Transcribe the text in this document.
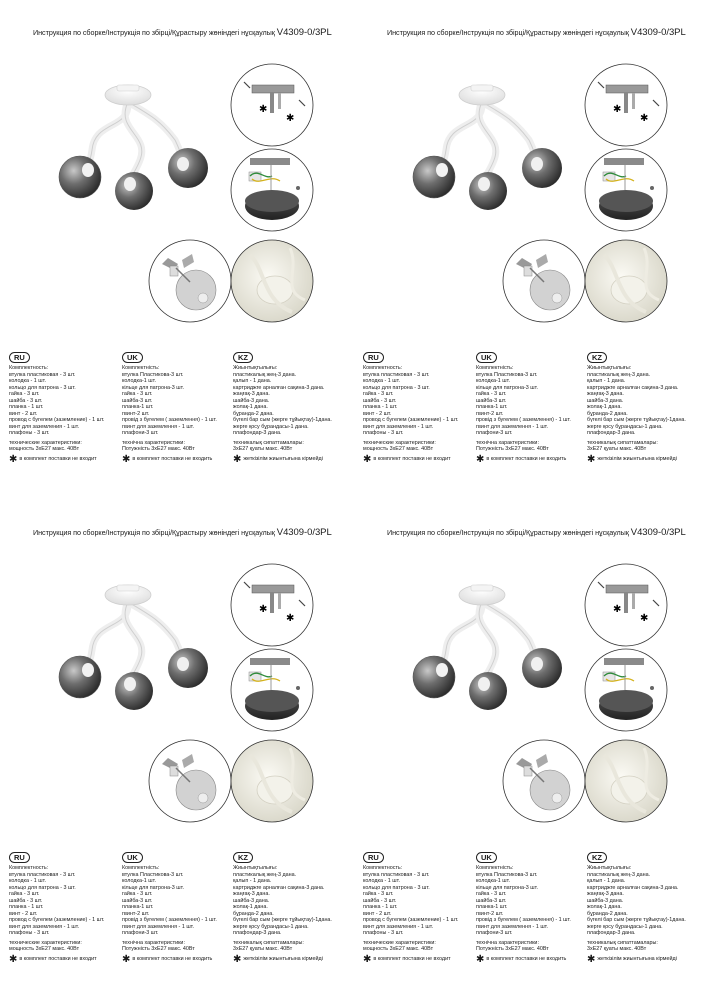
Инструкция по сборке/Інструкція по збірці/Құрастыру жөніндегі нұсқаулық V4309-0/3PL
✱
✱
RU
Комплектность:
втулка пластиковая - 3 шт.
колодка - 1 шт.
кольцо для патрона - 3 шт.
гайка - 3 шт.
шайба - 3 шт.
планка - 1 шт.
винт - 2 шт.
провод с бугелем (заземление) - 1 шт.
винт для заземления - 1 шт.
плафоны - 3 шт.
технические характеристики:
мощность 3хЕ27 макс. 40Вт
✱ в комплект поставки не входит
UK
Комплектність:
втулка Пластикова-3 шт.
колодка-1 шт.
кільце для патрона-3 шт.
гайка - 3 шт.
шайба-3 шт.
планка-1 шт.
гвинт-2 шт.
провід з бугелем ( заземлення) - 1 шт.
гвинт для заземлення - 1 шт.
плафони-3 шт.
технічна характеристики:
Потужність 3хЕ27 макс. 40Вт
✱ в комплект поставки не входить
KZ
Жиынтықтылығы:
пластикалық жең-3 дана.
қалып - 1 дана.
картриджге арналған сақина-3 дана.
жаңғақ-3 дана.
шайба-3 дана.
жолақ-1 дана.
бұранда-2 дана.
бүгелі бар сым (жерге тұйықтау)-1дана.
жерге қосу бұрандасы-1 дана.
плафондар-3 дана.
техникалық сипаттамалары:
3хЕ27 қуаты макс. 40Вт
✱ жеткізілім жиынтығына кірмейді
Инструкция по сборке/Інструкція по збірці/Құрастыру жөніндегі нұсқаулық V4309-0/3PL
✱
✱
RU
Комплектность:
втулка пластиковая - 3 шт.
колодка - 1 шт.
кольцо для патрона - 3 шт.
гайка - 3 шт.
шайба - 3 шт.
планка - 1 шт.
винт - 2 шт.
провод с бугелем (заземление) - 1 шт.
винт для заземления - 1 шт.
плафоны - 3 шт.
технические характеристики:
мощность 3хЕ27 макс. 40Вт
✱ в комплект поставки не входит
UK
Комплектність:
втулка Пластикова-3 шт.
колодка-1 шт.
кільце для патрона-3 шт.
гайка - 3 шт.
шайба-3 шт.
планка-1 шт.
гвинт-2 шт.
провід з бугелем ( заземлення) - 1 шт.
гвинт для заземлення - 1 шт.
плафони-3 шт.
технічна характеристики:
Потужність 3хЕ27 макс. 40Вт
✱ в комплект поставки не входить
KZ
Жиынтықтылығы:
пластикалық жең-3 дана.
қалып - 1 дана.
картриджге арналған сақина-3 дана.
жаңғақ-3 дана.
шайба-3 дана.
жолақ-1 дана.
бұранда-2 дана.
бүгелі бар сым (жерге тұйықтау)-1дана.
жерге қосу бұрандасы-1 дана.
плафондар-3 дана.
техникалық сипаттамалары:
3хЕ27 қуаты макс. 40Вт
✱ жеткізілім жиынтығына кірмейді
Инструкция по сборке/Інструкція по збірці/Құрастыру жөніндегі нұсқаулық V4309-0/3PL
✱
✱
RU
Комплектность:
втулка пластиковая - 3 шт.
колодка - 1 шт.
кольцо для патрона - 3 шт.
гайка - 3 шт.
шайба - 3 шт.
планка - 1 шт.
винт - 2 шт.
провод с бугелем (заземление) - 1 шт.
винт для заземления - 1 шт.
плафоны - 3 шт.
технические характеристики:
мощность 3хЕ27 макс. 40Вт
✱ в комплект поставки не входит
UK
Комплектність:
втулка Пластикова-3 шт.
колодка-1 шт.
кільце для патрона-3 шт.
гайка - 3 шт.
шайба-3 шт.
планка-1 шт.
гвинт-2 шт.
провід з бугелем ( заземлення) - 1 шт.
гвинт для заземлення - 1 шт.
плафони-3 шт.
технічна характеристики:
Потужність 3хЕ27 макс. 40Вт
✱ в комплект поставки не входить
KZ
Жиынтықтылығы:
пластикалық жең-3 дана.
қалып - 1 дана.
картриджге арналған сақина-3 дана.
жаңғақ-3 дана.
шайба-3 дана.
жолақ-1 дана.
бұранда-2 дана.
бүгелі бар сым (жерге тұйықтау)-1дана.
жерге қосу бұрандасы-1 дана.
плафондар-3 дана.
техникалық сипаттамалары:
3хЕ27 қуаты макс. 40Вт
✱ жеткізілім жиынтығына кірмейді
Инструкция по сборке/Інструкція по збірці/Құрастыру жөніндегі нұсқаулық V4309-0/3PL
✱
✱
RU
Комплектность:
втулка пластиковая - 3 шт.
колодка - 1 шт.
кольцо для патрона - 3 шт.
гайка - 3 шт.
шайба - 3 шт.
планка - 1 шт.
винт - 2 шт.
провод с бугелем (заземление) - 1 шт.
винт для заземления - 1 шт.
плафоны - 3 шт.
технические характеристики:
мощность 3хЕ27 макс. 40Вт
✱ в комплект поставки не входит
UK
Комплектність:
втулка Пластикова-3 шт.
колодка-1 шт.
кільце для патрона-3 шт.
гайка - 3 шт.
шайба-3 шт.
планка-1 шт.
гвинт-2 шт.
провід з бугелем ( заземлення) - 1 шт.
гвинт для заземлення - 1 шт.
плафони-3 шт.
технічна характеристики:
Потужність 3хЕ27 макс. 40Вт
✱ в комплект поставки не входить
KZ
Жиынтықтылығы:
пластикалық жең-3 дана.
қалып - 1 дана.
картриджге арналған сақина-3 дана.
жаңғақ-3 дана.
шайба-3 дана.
жолақ-1 дана.
бұранда-2 дана.
бүгелі бар сым (жерге тұйықтау)-1дана.
жерге қосу бұрандасы-1 дана.
плафондар-3 дана.
техникалық сипаттамалары:
3хЕ27 қуаты макс. 40Вт
✱ жеткізілім жиынтығына кірмейді
